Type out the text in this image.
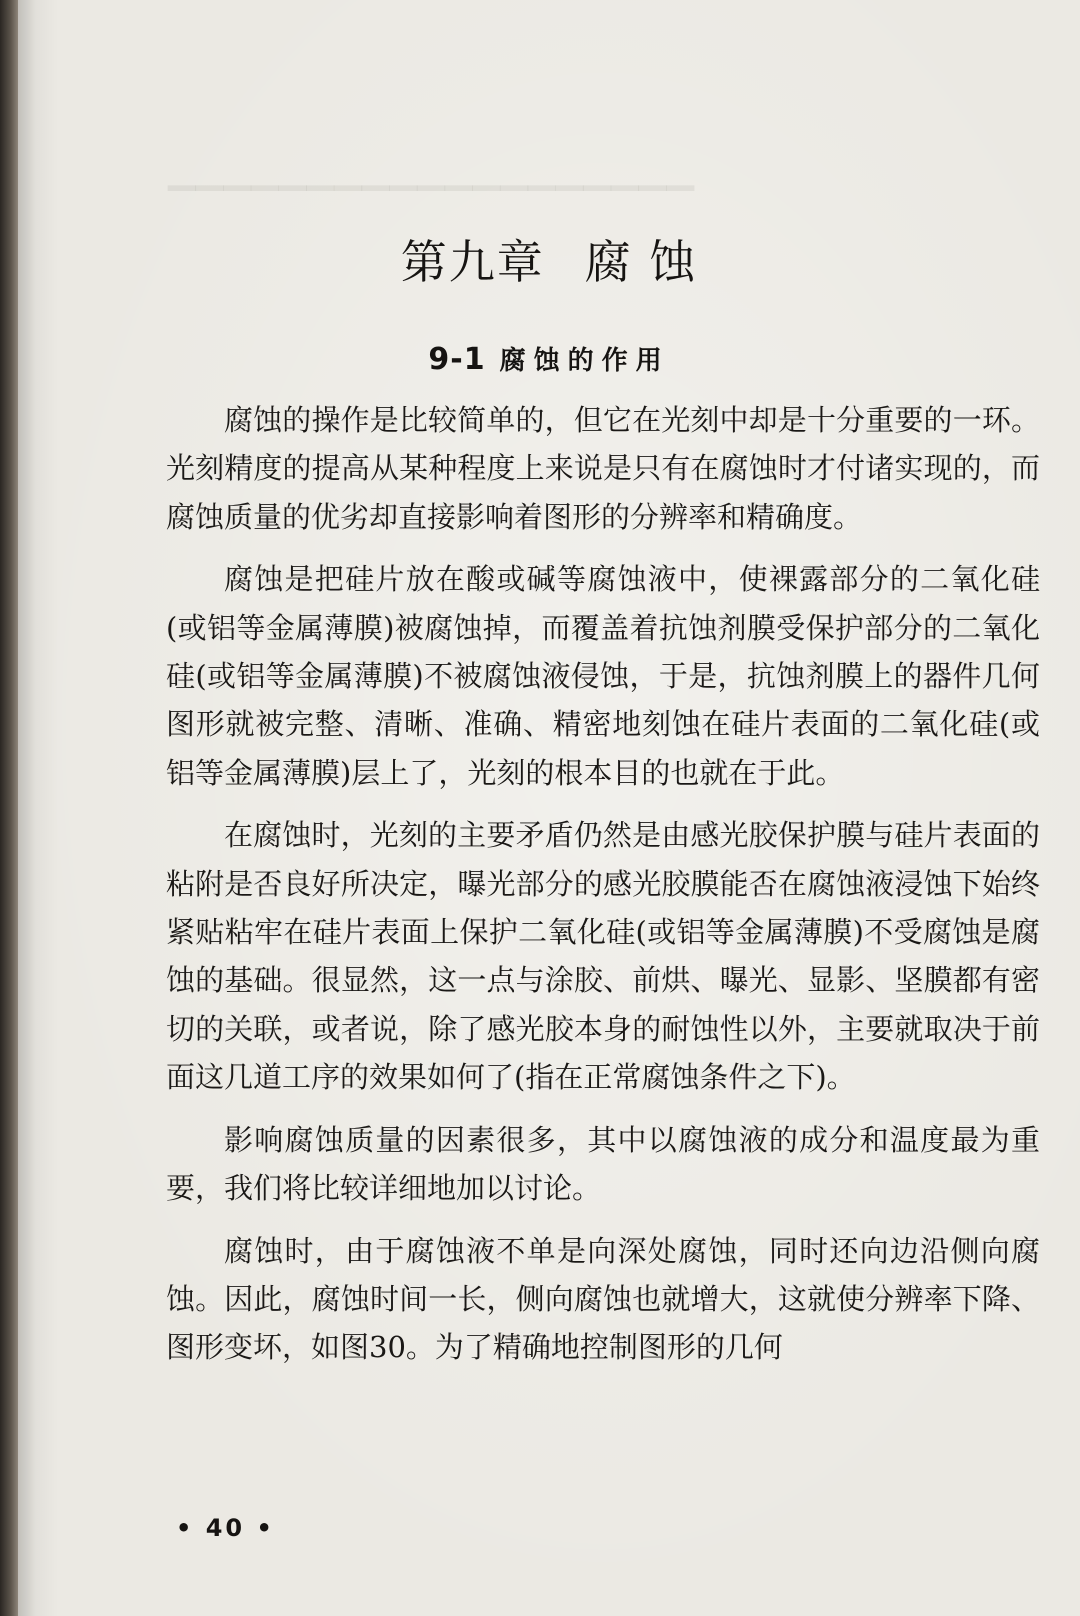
▁▁▁▁▁▁▁▁▁▁▁▁▁▁▁▁▁▁▁
第九章 腐 蚀
9-1 腐蚀的作用

腐蚀的操作是比较简单的，但它在光刻中却是十分重要的一环。光刻精度的提高从某种程度上来说是只有在腐蚀时才付诸实现的，而腐蚀质量的优劣却直接影响着图形的分辨率和精确度。

腐蚀是把硅片放在酸或碱等腐蚀液中，使裸露部分的二氧化硅(或铝等金属薄膜)被腐蚀掉，而覆盖着抗蚀剂膜受保护部分的二氧化硅(或铝等金属薄膜)不被腐蚀液侵蚀，于是，抗蚀剂膜上的器件几何图形就被完整、清晰、准确、精密地刻蚀在硅片表面的二氧化硅(或铝等金属薄膜)层上了，光刻的根本目的也就在于此。

在腐蚀时，光刻的主要矛盾仍然是由感光胶保护膜与硅片表面的粘附是否良好所决定，曝光部分的感光胶膜能否在腐蚀液浸蚀下始终紧贴粘牢在硅片表面上保护二氧化硅(或铝等金属薄膜)不受腐蚀是腐蚀的基础。很显然，这一点与涂胶、前烘、曝光、显影、坚膜都有密切的关联，或者说，除了感光胶本身的耐蚀性以外，主要就取决于前面这几道工序的效果如何了(指在正常腐蚀条件之下)。

影响腐蚀质量的因素很多，其中以腐蚀液的成分和温度最为重要，我们将比较详细地加以讨论。

腐蚀时，由于腐蚀液不单是向深处腐蚀，同时还向边沿侧向腐蚀。因此，腐蚀时间一长，侧向腐蚀也就增大，这就使分辨率下降、图形变坏，如图30。为了精确地控制图形的几何

• 40 •
